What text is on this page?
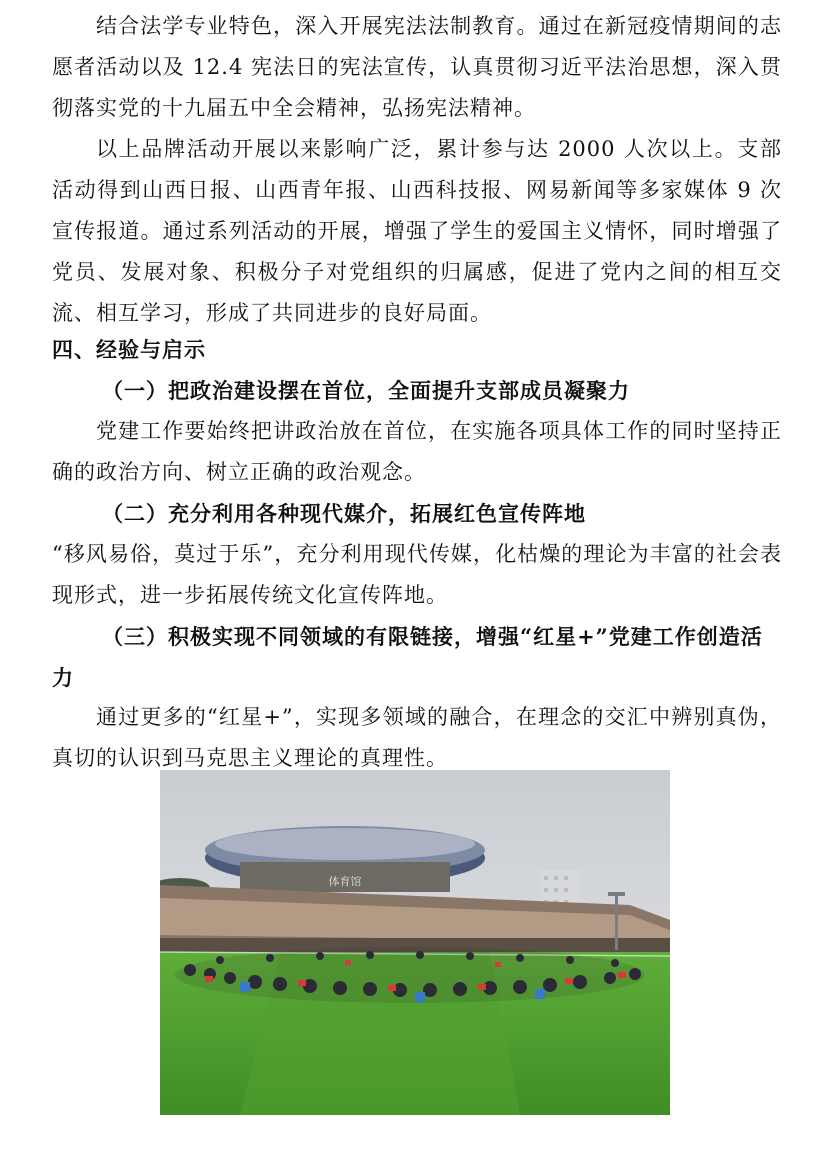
结合法学专业特色，深入开展宪法法制教育。通过在新冠疫情期间的志愿者活动以及 12.4 宪法日的宪法宣传，认真贯彻习近平法治思想，深入贯彻落实党的十九届五中全会精神，弘扬宪法精神。

以上品牌活动开展以来影响广泛，累计参与达 2000 人次以上。支部活动得到山西日报、山西青年报、山西科技报、网易新闻等多家媒体 9 次宣传报道。通过系列活动的开展，增强了学生的爱国主义情怀，同时增强了党员、发展对象、积极分子对党组织的归属感，促进了党内之间的相互交流、相互学习，形成了共同进步的良好局面。

四、经验与启示
（一）把政治建设摆在首位，全面提升支部成员凝聚力

党建工作要始终把讲政治放在首位，在实施各项具体工作的同时坚持正确的政治方向、树立正确的政治观念。

（二）充分利用各种现代媒介，拓展红色宣传阵地

“移风易俗，莫过于乐”，充分利用现代传媒，化枯燥的理论为丰富的社会表现形式，进一步拓展传统文化宣传阵地。

（三）积极实现不同领域的有限链接，增强“红星+”党建工作创造活力

通过更多的“红星+”，实现多领域的融合，在理念的交汇中辨别真伪，真切的认识到马克思主义理论的真理性。

体育馆
